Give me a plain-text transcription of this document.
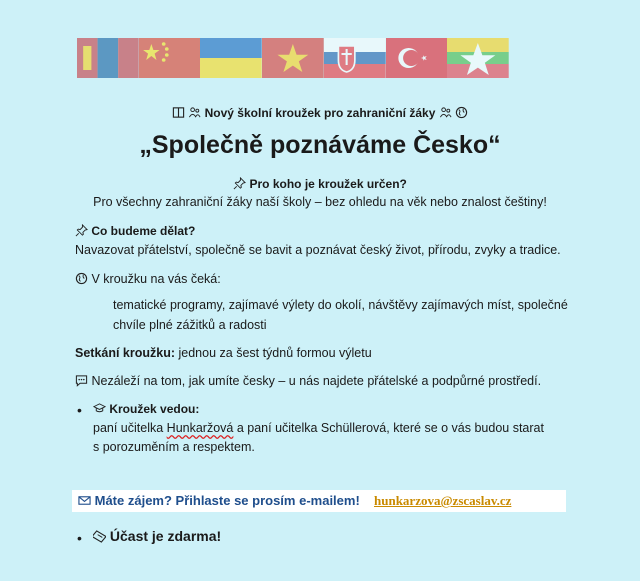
Nový školní kroužek pro zahraniční žáky

„Společně poznáváme Česko“
Pro koho je kroužek určen?
Pro všechny zahraniční žáky naší školy – bez ohledu na věk nebo znalost češtiny!
Co budeme dělat?
Navazovat přátelství, společně se bavit a poznávat český život, přírodu, zvyky a tradice.
V kroužku na vás čeká:
tematické programy, zajímavé výlety do okolí, návštěvy zajímavých míst, společné
chvíle plné zážitků a radosti
Setkání kroužku: jednou za šest týdnů formou výletu
Nezáleží na tom, jak umíte česky – u nás najdete přátelské a podpůrné prostředí.
•	Kroužek vedou:
paní učitelka Hunkaržová a paní učitelka Schüllerová, které se o vás budou starat
s porozuměním a respektem.
Máte zájem? Přihlaste se prosím e-mailem! hunkarzova@zscaslav.cz
•	Účast je zdarma!
